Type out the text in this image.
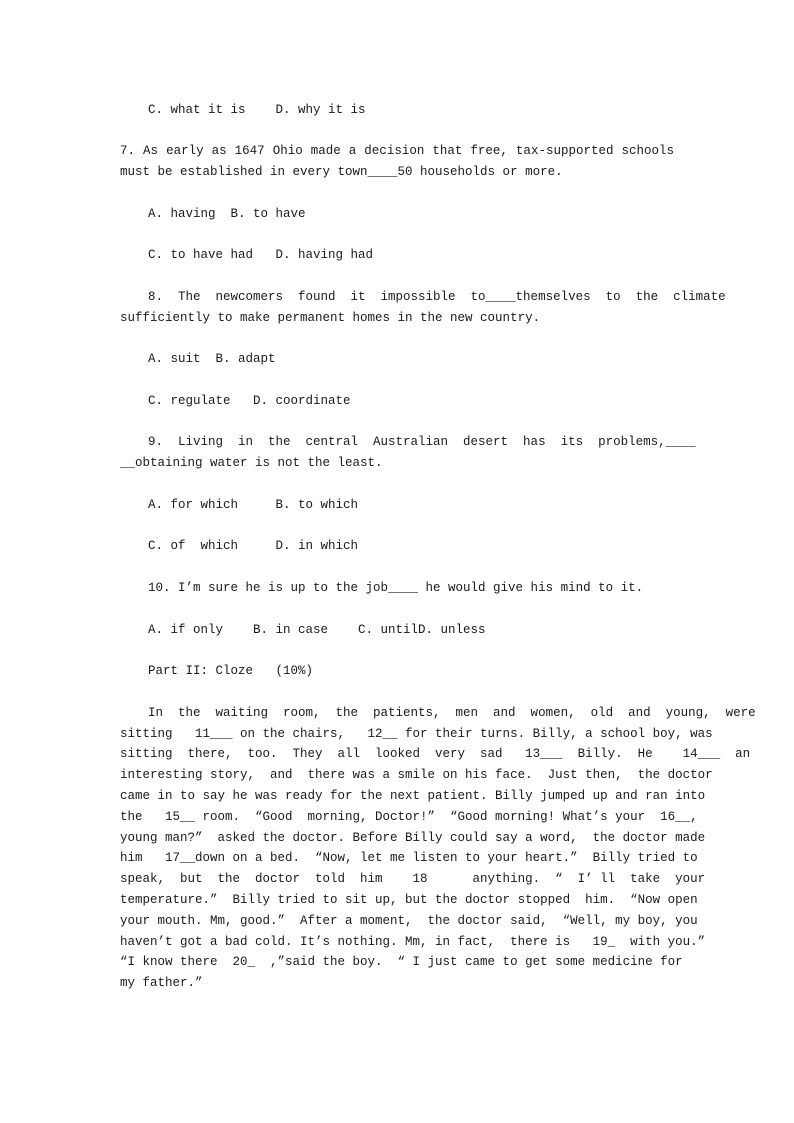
C. what it is    D. why it is
7. As early as 1647 Ohio made a decision that free, tax-supported schools
must be established in every town____50 households or more.
A. having  B. to have
C. to have had   D. having had
8.  The  newcomers  found  it  impossible  to____themselves  to  the  climate
sufficiently to make permanent homes in the new country.
A. suit  B. adapt
C. regulate   D. coordinate
9.  Living  in  the  central  Australian  desert  has  its  problems,____
__obtaining water is not the least.
A. for which     B. to which
C. of  which     D. in which
10. I’m sure he is up to the job____ he would give his mind to it.
A. if only    B. in case    C. untilD. unless
Part II: Cloze   (10%)
In  the  waiting  room,  the  patients,  men  and  women,  old  and  young,  were
sitting   11___ on the chairs,   12__ for their turns. Billy, a school boy, was
sitting  there,  too.  They  all  looked  very  sad   13___  Billy.  He    14___  an
interesting story,  and  there was a smile on his face.  Just then,  the doctor
came in to say he was ready for the next patient. Billy jumped up and ran into
the   15__ room.  “Good  morning, Doctor!”  “Good morning! What’s your  16__,
young man?”  asked the doctor. Before Billy could say a word,  the doctor made
him   17__down on a bed.  “Now, let me listen to your heart.”  Billy tried to
speak,  but  the  doctor  told  him    18      anything.  “  I’ ll  take  your
temperature.”  Billy tried to sit up, but the doctor stopped  him.  “Now open
your mouth. Mm, good.”  After a moment,  the doctor said,  “Well, my boy, you
haven’t got a bad cold. It’s nothing. Mm, in fact,  there is   19_  with you.”
“I know there  20_  ,”said the boy.  “ I just came to get some medicine for
my father.”
